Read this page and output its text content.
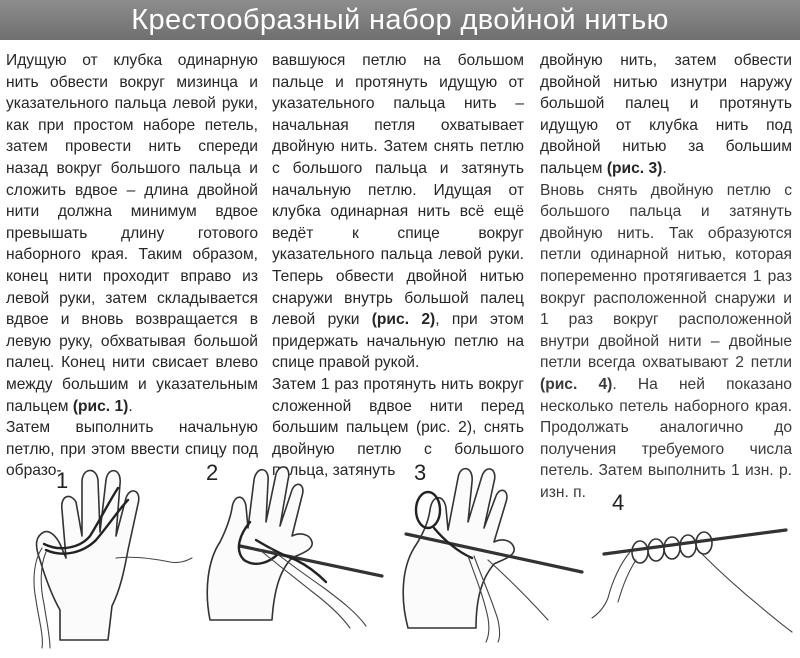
Крестообразный набор двойной нитью

Идущую от клубка одинарную нить обвести вокруг мизинца и указательного пальца левой руки, как при простом наборе петель, затем провести нить спереди назад вокруг большого пальца и сложить вдвое – длина двойной нити должна минимум вдвое превышать длину готового наборного края. Таким образом, конец нити проходит вправо из левой руки, затем складывается вдвое и вновь возвращается в левую руку, обхватывая большой палец. Конец нити свисает влево между большим и указательным пальцем (рис. 1).

Затем выполнить начальную петлю, при этом ввести спицу под образо-

вавшуюся петлю на большом пальце и протянуть идущую от указательного пальца нить – начальная петля охватывает двойную нить. Затем снять петлю с большого пальца и затянуть начальную петлю. Идущая от клубка одинарная нить всё ещё ведёт к спице вокруг указательного пальца левой руки. Теперь обвести двойной нитью снаружи внутрь большой палец левой руки (рис. 2), при этом придержать начальную петлю на спице правой рукой.

Затем 1 раз протянуть нить вокруг сложенной вдвое нити перед большим пальцем (рис. 2), снять двойную петлю с большого пальца, затянуть

двойную нить, затем обвести двойной нитью изнутри наружу большой палец и протянуть идущую от клубка нить под двойной нитью за большим пальцем (рис. 3).

Вновь снять двойную петлю с большого пальца и затянуть двойную нить. Так образуются петли одинарной нитью, которая попеременно протягивается 1 раз вокруг расположенной снаружи и 1 раз вокруг расположенной внутри двойной нити – двойные петли всегда охватывают 2 петли (рис. 4). На ней показано несколько петель наборного края. Продолжать аналогично до получения требуемого числа петель. Затем выполнить 1 изн. р. изн. п.

1	2	3
4
